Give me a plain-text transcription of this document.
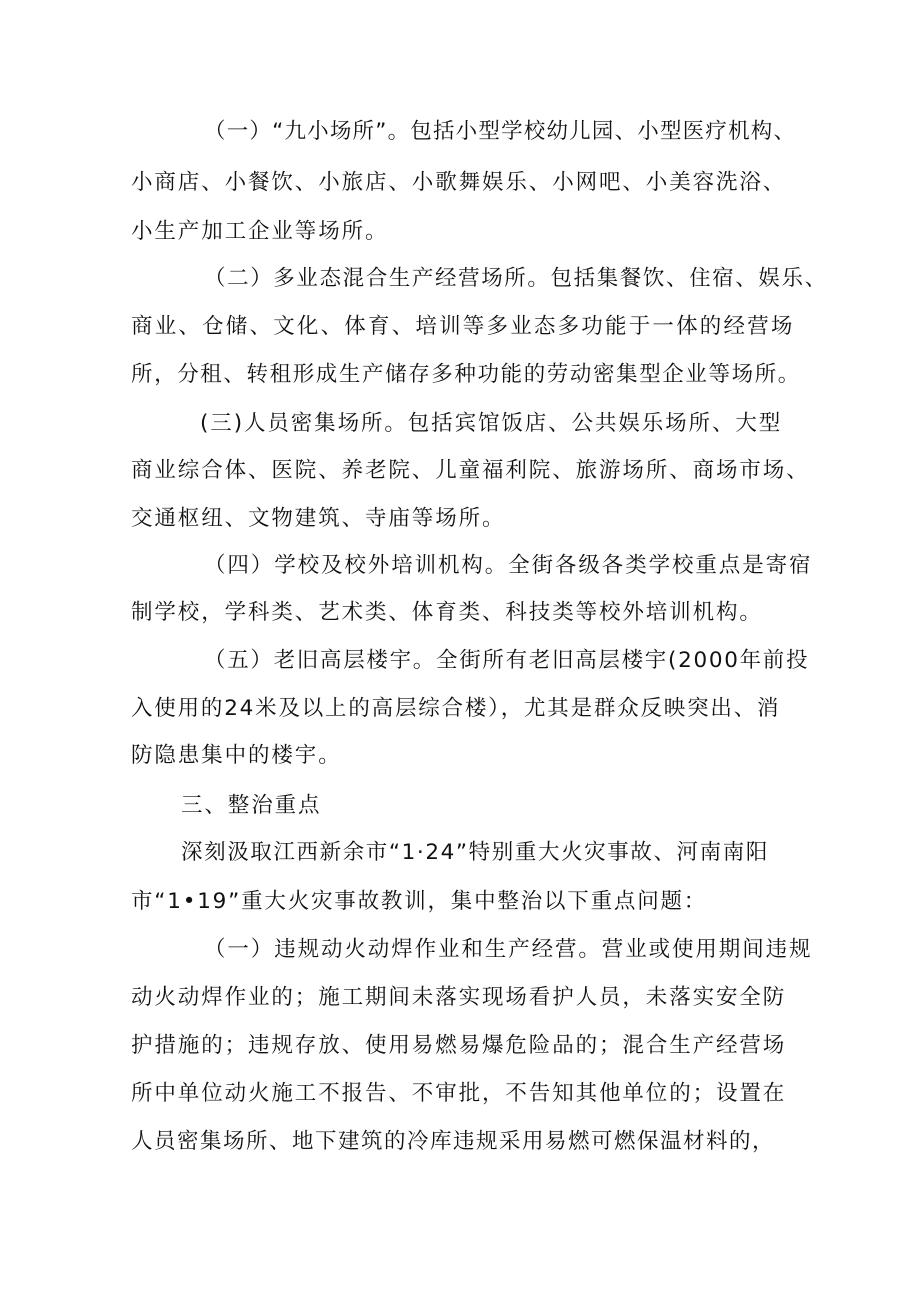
（一）“九小场所”。包括小型学校幼儿园、小型医疗机构、
小商店、小餐饮、小旅店、小歌舞娱乐、小网吧、小美容洗浴、
小生产加工企业等场所。
（二）多业态混合生产经营场所。包括集餐饮、住宿、娱乐、
商业、仓储、文化、体育、培训等多业态多功能于一体的经营场
所，分租、转租形成生产储存多种功能的劳动密集型企业等场所。
(三)人员密集场所。包括宾馆饭店、公共娱乐场所、大型
商业综合体、医院、养老院、儿童福利院、旅游场所、商场市场、
交通枢纽、文物建筑、寺庙等场所。
（四）学校及校外培训机构。全街各级各类学校重点是寄宿
制学校，学科类、艺术类、体育类、科技类等校外培训机构。
（五）老旧高层楼宇。全街所有老旧高层楼宇(2000年前投
入使用的24米及以上的高层综合楼），尤其是群众反映突出、消
防隐患集中的楼宇。
三、整治重点
深刻汲取江西新余市“1·24”特别重大火灾事故、河南南阳
市“1•19”重大火灾事故教训，集中整治以下重点问题：
（一）违规动火动焊作业和生产经营。营业或使用期间违规
动火动焊作业的；施工期间未落实现场看护人员，未落实安全防
护措施的；违规存放、使用易燃易爆危险品的；混合生产经营场
所中单位动火施工不报告、不审批，不告知其他单位的；设置在
人员密集场所、地下建筑的冷库违规采用易燃可燃保温材料的，
